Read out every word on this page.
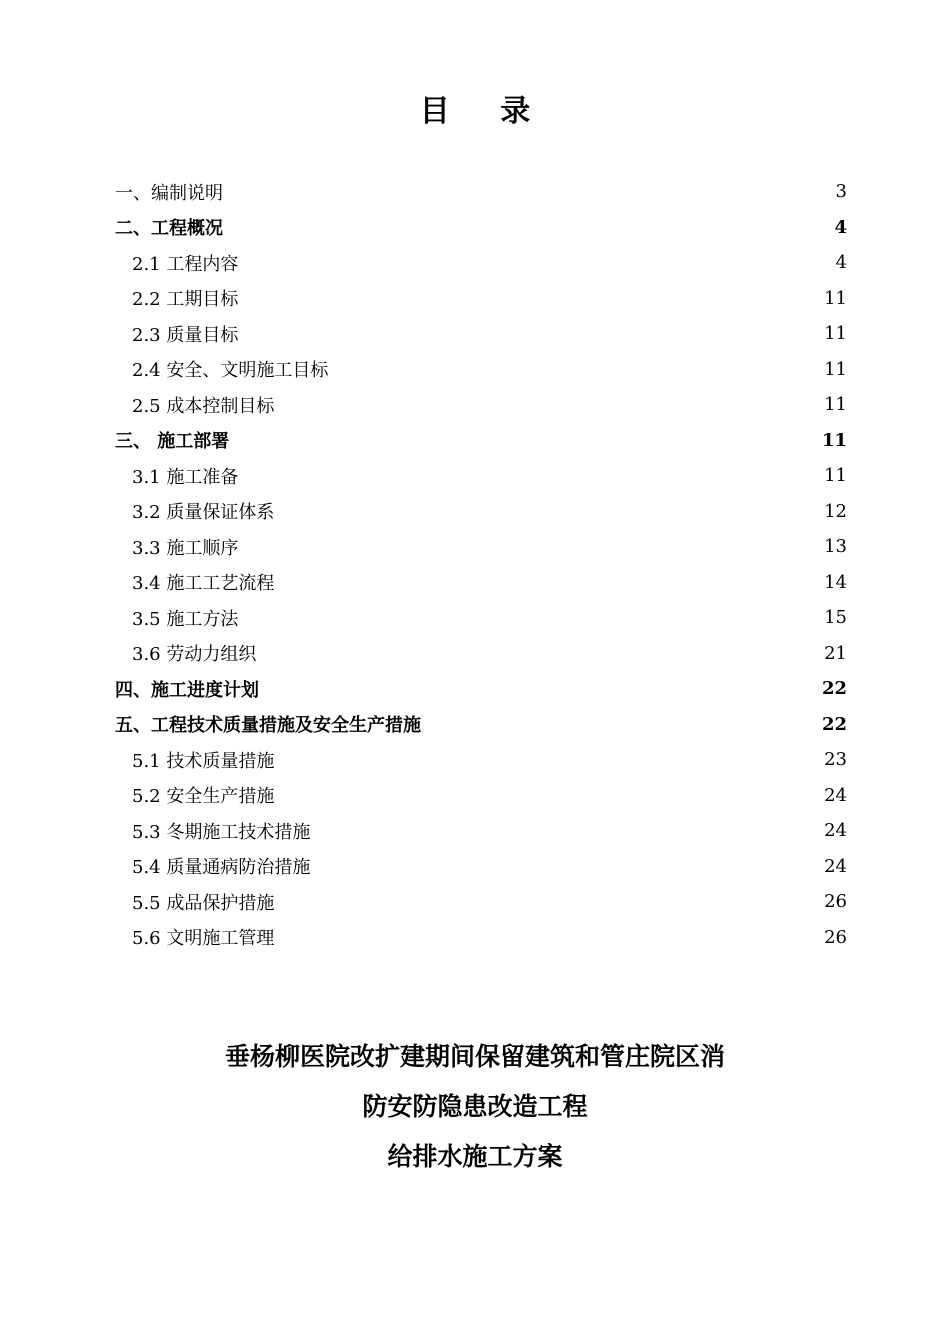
目 录
一、编制说明	3
二、工程概况	4
2.1 工程内容	4
2.2 工期目标	11
2.3 质量目标	11
2.4 安全、文明施工目标	11
2.5 成本控制目标	11
三、 施工部署	11
3.1 施工准备	11
3.2 质量保证体系	12
3.3 施工顺序	13
3.4 施工工艺流程	14
3.5 施工方法	15
3.6 劳动力组织	21
四、施工进度计划	22
五、工程技术质量措施及安全生产措施	22
5.1 技术质量措施	23
5.2 安全生产措施	24
5.3 冬期施工技术措施	24
5.4 质量通病防治措施	24
5.5 成品保护措施	26
5.6 文明施工管理	26
垂杨柳医院改扩建期间保留建筑和管庄院区消
防安防隐患改造工程
给排水施工方案
